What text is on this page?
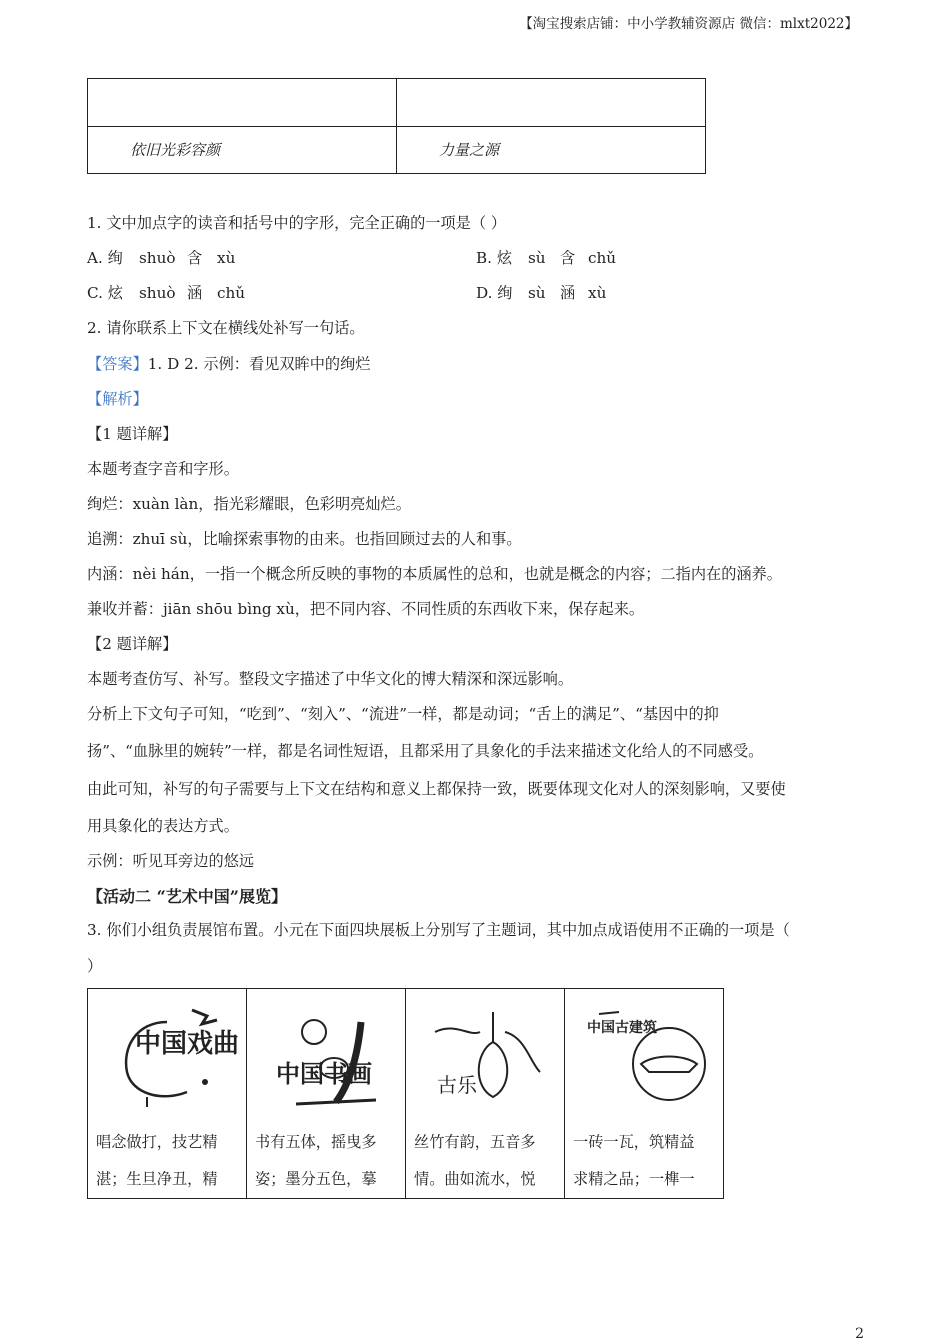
【淘宝搜索店铺：中小学教辅资源店 微信：mlxt2022】

依旧光彩容颜	力量之源
1. 文中加点字的读音和括号中的字形，完全正确的一项是（ ）
A. 绚 shuò 含 xù	B. 炫 sù 含 chǔ
C. 炫 shuò 涵 chǔ	D. 绚 sù 涵 xù
2. 请你联系上下文在横线处补写一句话。
【答案】1. D 2. 示例：看见双眸中的绚烂
【解析】
【1 题详解】
本题考查字音和字形。
绚烂：xuàn làn，指光彩耀眼，色彩明亮灿烂。
追溯：zhuī sù，比喻探索事物的由来。也指回顾过去的人和事。
内涵：nèi hán，一指一个概念所反映的事物的本质属性的总和，也就是概念的内容；二指内在的涵养。
兼收并蓄：jiān shōu bìng xù，把不同内容、不同性质的东西收下来，保存起来。
【2 题详解】
本题考查仿写、补写。整段文字描述了中华文化的博大精深和深远影响。
分析上下文句子可知，“吃到”、“刻入”、“流进”一样，都是动词；“舌上的满足”、“基因中的抑
扬”、“血脉里的婉转”一样，都是名词性短语，且都采用了具象化的手法来描述文化给人的不同感受。
由此可知，补写的句子需要与上下文在结构和意义上都保持一致，既要体现文化对人的深刻影响，又要使
用具象化的表达方式。
示例：听见耳旁边的悠远
【活动二 “艺术中国”展览】
3. 你们小组负责展馆布置。小元在下面四块展板上分别写了主题词，其中加点成语使用不正确的一项是（
）
中国戏曲
唱念做打，技艺精
湛；生旦净丑，精

中国书画
书有五体，摇曳多
姿；墨分五色，摹

古乐
丝竹有韵，五音多
情。曲如流水，悦

中国古建筑
一砖一瓦，筑精益
求精之品；一榫一
2
